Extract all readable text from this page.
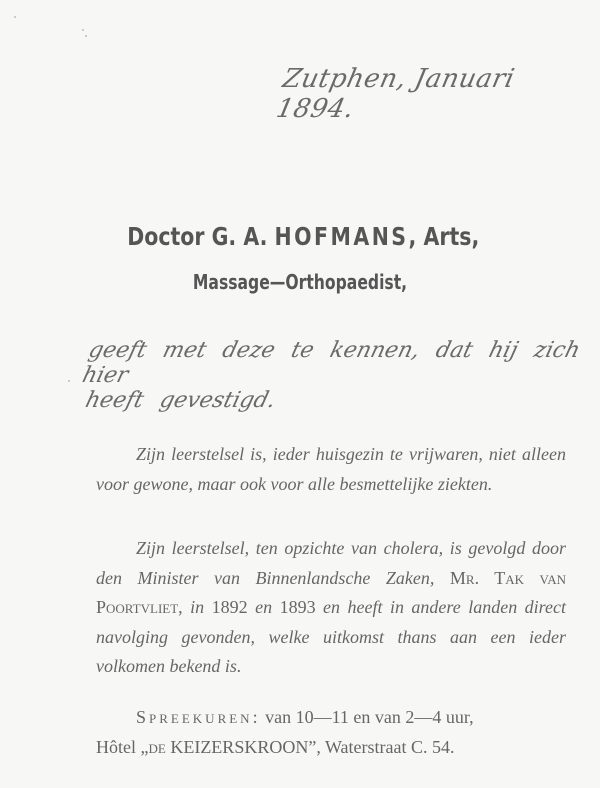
Zutphen, Januari 1894.
Doctor G. A. HOFMANS, Arts,
Massage—Orthopaedist,
geeft met deze te kennen, dat hij zich hier
heeft gevestigd.
Zijn leerstelsel is, ieder huisgezin te vrijwaren, niet alleen voor gewone, maar ook voor alle besmettelijke ziekten.
Zijn leerstelsel, ten opzichte van cholera, is gevolgd door den Minister van Binnenlandsche Zaken, Mr. Tak van Poortvliet, in 1892 en 1893 en heeft in andere landen direct navolging gevonden, welke uitkomst thans aan een ieder volkomen bekend is.
Spreekuren: van 10—11 en van 2—4 uur,
Hôtel „de KEIZERSKROON”, Waterstraat C. 54.
